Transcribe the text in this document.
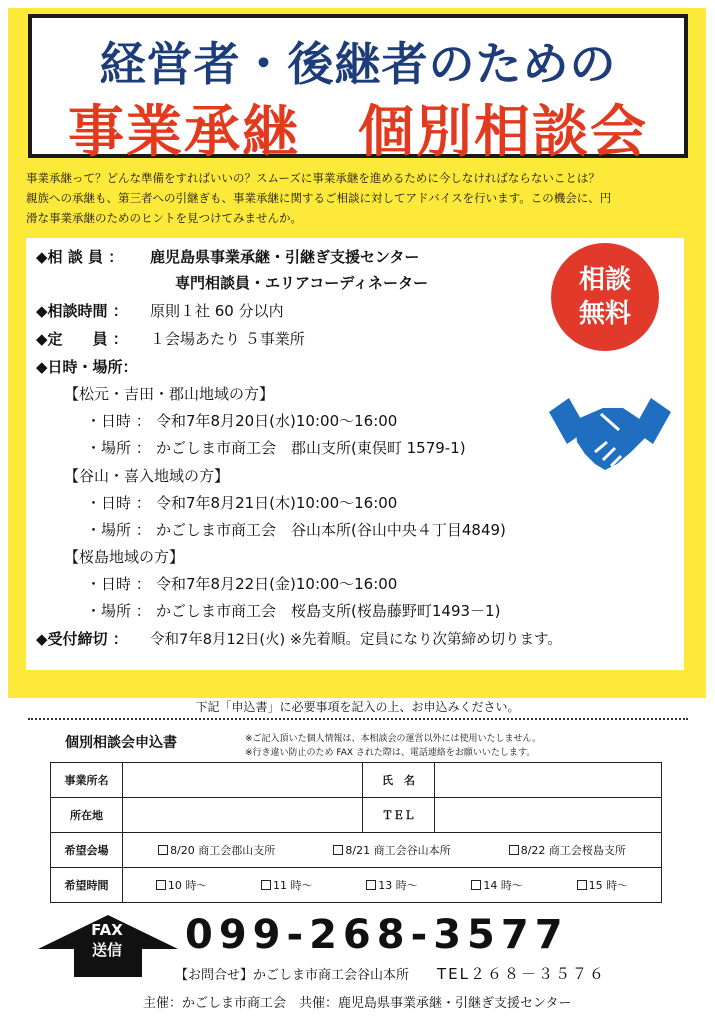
経営者・後継者のための
事業承継　個別相談会

事業承継って？どんな準備をすればいいの？スムーズに事業承継を進めるために今しなければならないことは？

親族への承継も、第三者への引継ぎも、事業承継に関するご相談に対してアドバイスを行います。この機会に、円

滑な事業承継のためのヒントを見つけてみませんか。

◆相 談 員 ： 鹿児島県事業承継・引継ぎ支援センター
専門相談員・エリアコーディネーター
◆相談時間 ： 原則１社 60 分以内
◆定　　員 ： １会場あたり ５事業所
◆日時・場所：
【松元・吉田・郡山地域の方】
・日時 ： 令和7年8月20日(水)10:00～16:00
・場所 ： かごしま市商工会　郡山支所(東俣町 1579-1)
【谷山・喜入地域の方】
・日時 ： 令和7年8月21日(木)10:00～16:00
・場所 ： かごしま市商工会　谷山本所(谷山中央４丁目4849)
【桜島地域の方】
・日時 ： 令和7年8月22日(金)10:00～16:00
・場所 ： かごしま市商工会　桜島支所(桜島藤野町1493－1)
◆受付締切 ： 令和7年8月12日(火) ※先着順。定員になり次第締め切ります。
相談
無料
下記「申込書」に必要事項を記入の上、お申込みください。
個別相談会申込書	※ご記入頂いた個人情報は、本相談会の運営以外には使用いたしません。
※行き違い防止のため FAX された際は、電話連絡をお願いいたします。
事業所名		氏　名	
所在地		ＴＥＬ	
希望会場	8/20 商工会郡山支所 8/21 商工会谷山本所 8/22 商工会桜島支所		

希望時間	10 時～ 11 時～ 13 時～ 14 時～ 15 時～		
FAX
送信 099-268-3577
【お問合せ】かごしま市商工会谷山本所 TEL２６８－３５７６
主催：かごしま市商工会　共催：鹿児島県事業承継・引継ぎ支援センター
